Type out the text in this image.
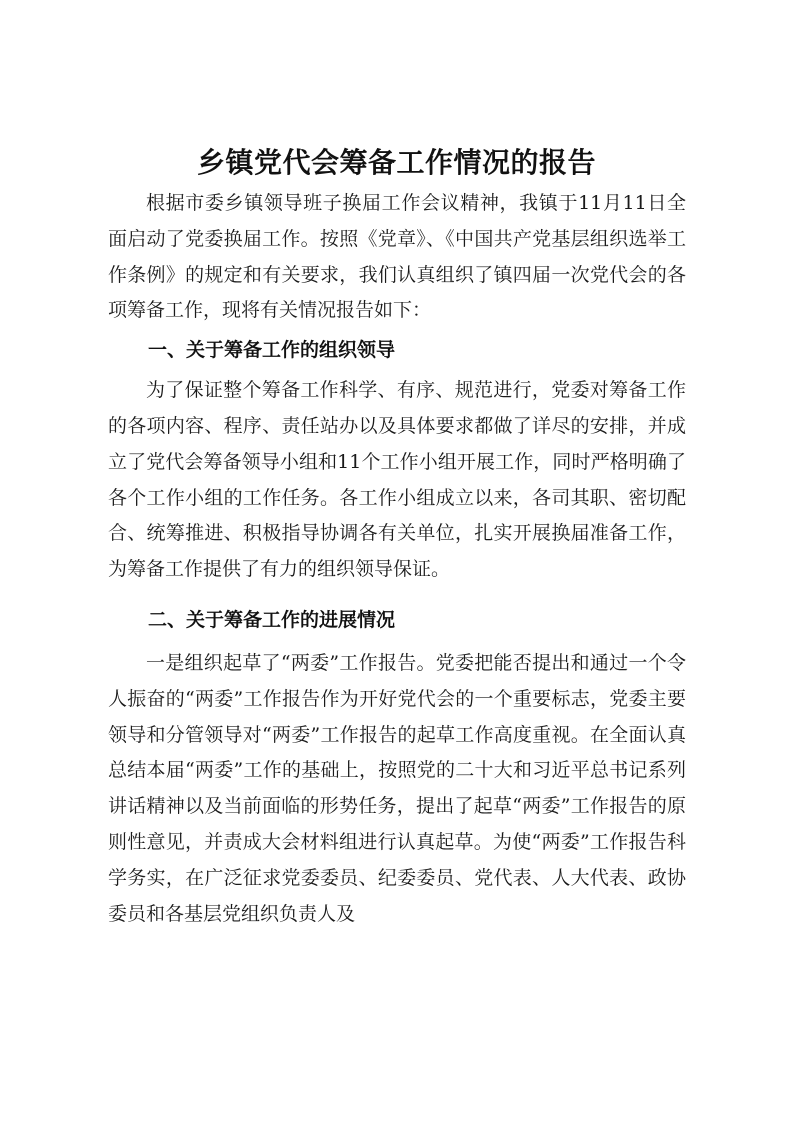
乡镇党代会筹备工作情况的报告

根据市委乡镇领导班子换届工作会议精神，我镇于11月11日全面启动了党委换届工作。按照《党章》、《中国共产党基层组织选举工作条例》的规定和有关要求，我们认真组织了镇四届一次党代会的各项筹备工作，现将有关情况报告如下：

一、关于筹备工作的组织领导

为了保证整个筹备工作科学、有序、规范进行，党委对筹备工作的各项内容、程序、责任站办以及具体要求都做了详尽的安排，并成立了党代会筹备领导小组和11个工作小组开展工作，同时严格明确了各个工作小组的工作任务。各工作小组成立以来，各司其职、密切配合、统筹推进、积极指导协调各有关单位，扎实开展换届准备工作，为筹备工作提供了有力的组织领导保证。

二、关于筹备工作的进展情况

一是组织起草了“两委”工作报告。党委把能否提出和通过一个令人振奋的“两委”工作报告作为开好党代会的一个重要标志，党委主要领导和分管领导对“两委”工作报告的起草工作高度重视。在全面认真总结本届“两委”工作的基础上，按照党的二十大和习近平总书记系列讲话精神以及当前面临的形势任务，提出了起草“两委”工作报告的原则性意见，并责成大会材料组进行认真起草。为使“两委”工作报告科学务实，在广泛征求党委委员、纪委委员、党代表、人大代表、政协委员和各基层党组织负责人及
